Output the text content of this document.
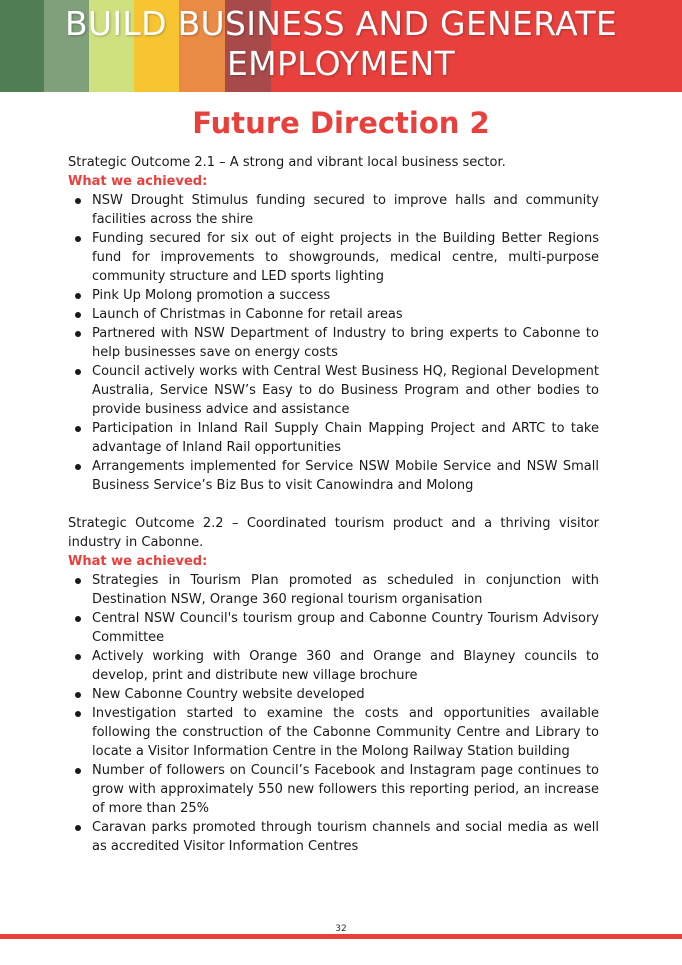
BUILD BUSINESS AND GENERATE
EMPLOYMENT
Future Direction 2

Strategic Outcome 2.1 – A strong and vibrant local business sector.

What we achieved:

NSW Drought Stimulus funding secured to improve halls and community facilities across the shire
Funding secured for six out of eight projects in the Building Better Regions fund for improvements to showgrounds, medical centre, multi-purpose community structure and LED sports lighting
Pink Up Molong promotion a success
Launch of Christmas in Cabonne for retail areas
Partnered with NSW Department of Industry to bring experts to Cabonne to help businesses save on energy costs
Council actively works with Central West Business HQ, Regional Development Australia, Service NSW’s Easy to do Business Program and other bodies to provide business advice and assistance
Participation in Inland Rail Supply Chain Mapping Project and ARTC to take advantage of Inland Rail opportunities
Arrangements implemented for Service NSW Mobile Service and NSW Small Business Service’s Biz Bus to visit Canowindra and Molong

Strategic Outcome 2.2 – Coordinated tourism product and a thriving visitor industry in Cabonne.

What we achieved:

Strategies in Tourism Plan promoted as scheduled in conjunction with Destination NSW, Orange 360 regional tourism organisation
Central NSW Council's tourism group and Cabonne Country Tourism Advisory Committee
Actively working with Orange 360 and Orange and Blayney councils to develop, print and distribute new village brochure
New Cabonne Country website developed
Investigation started to examine the costs and opportunities available following the construction of the Cabonne Community Centre and Library to locate a Visitor Information Centre in the Molong Railway Station building
Number of followers on Council’s Facebook and Instagram page continues to grow with approximately 550 new followers this reporting period, an increase of more than 25%
Caravan parks promoted through tourism channels and social media as well as accredited Visitor Information Centres
32
